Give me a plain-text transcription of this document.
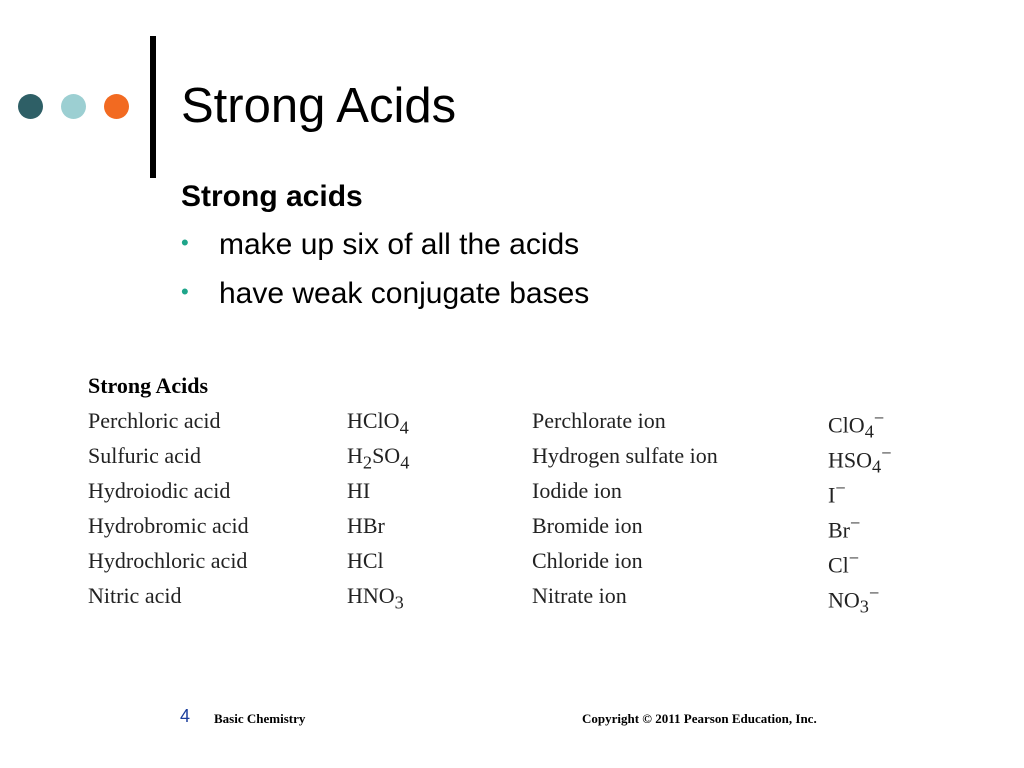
Strong Acids
Strong acids
• make up six of all the acids
• have weak conjugate bases
Strong Acids
Perchloric acid	HClO$_4$	Perchlorate ion	ClO$_4$−
Sulfuric acid	$H_2SO_4$	Hydrogen sulfate ion	$HSO_4^-$
Hydroiodic acid	HI	Iodide ion	I−
Hydrobromic acid	HBr	Bromide ion	Br−
Hydrochloric acid	HCl	Chloride ion	Cl−
Nitric acid	$HNO_3$	Nitrate ion	$NO_3^-$
4 Basic Chemistry	Copyright © 2011 Pearson Education, Inc.
